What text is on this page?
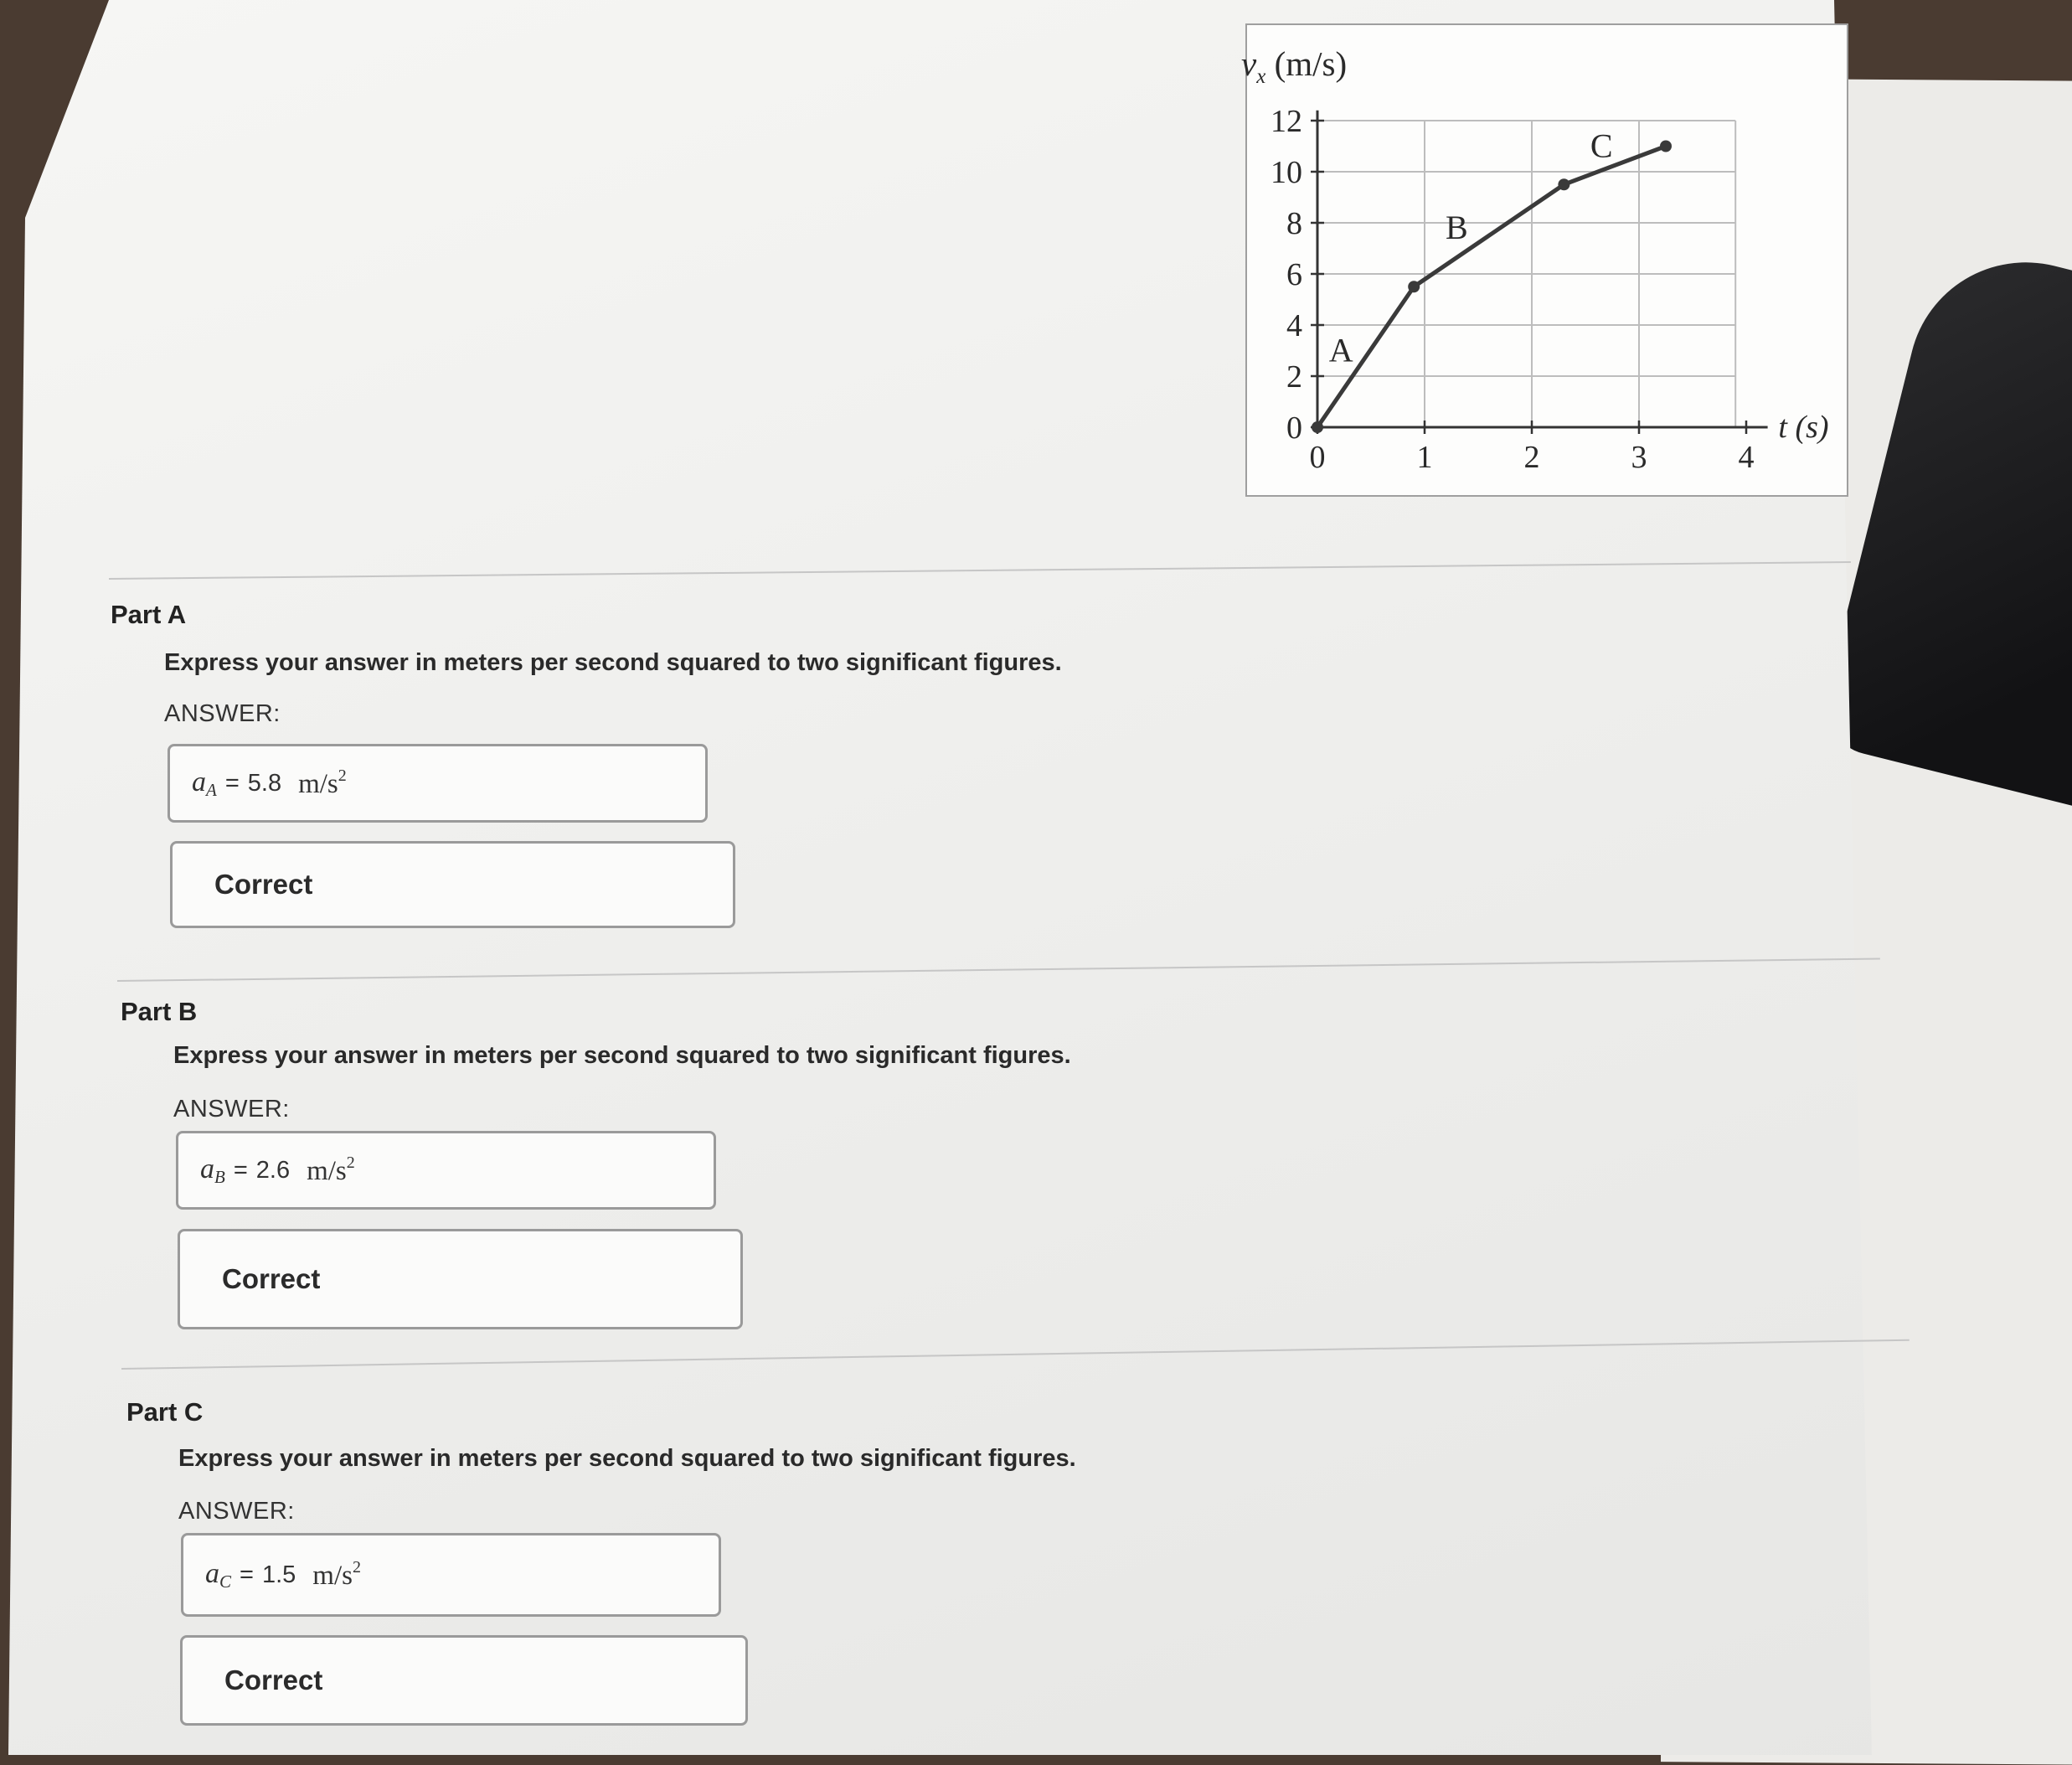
0	1	2	3	4
0
2
4
6
8
10
12
t (s)
A
B
C
$v_x$ (m/s)
Part A
Express your answer in meters per second squared to two significant figures.
ANSWER:
$a_A = 5.8$ $m/s^2$
Correct
Part B
Express your answer in meters per second squared to two significant figures.
ANSWER:
$a_B = 2.6$ $m/s^2$
Correct
Part C
Express your answer in meters per second squared to two significant figures.
ANSWER:
$a_C = 1.5$ $m/s^2$
Correct
